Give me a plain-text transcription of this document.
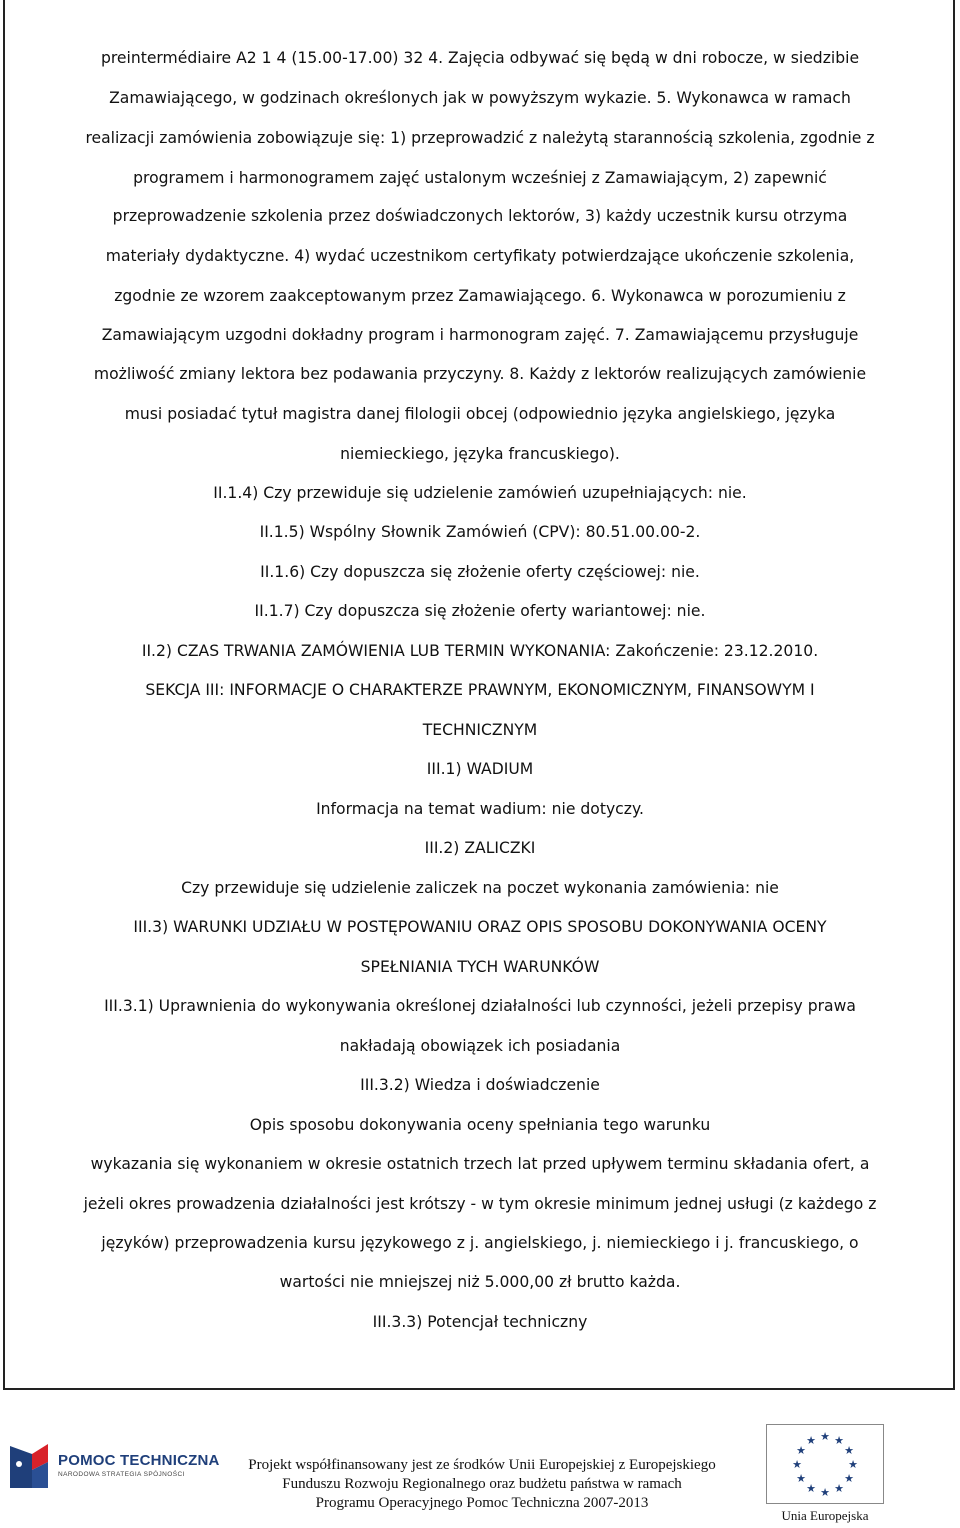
preintermédiaire A2 1 4 (15.00-17.00) 32 4. Zajęcia odbywać się będą w dni robocze, w siedzibie
Zamawiającego, w godzinach określonych jak w powyższym wykazie. 5. Wykonawca w ramach
realizacji zamówienia zobowiązuje się: 1) przeprowadzić z należytą starannością szkolenia, zgodnie z
programem i harmonogramem zajęć ustalonym wcześniej z Zamawiającym, 2) zapewnić
przeprowadzenie szkolenia przez doświadczonych lektorów, 3) każdy uczestnik kursu otrzyma
materiały dydaktyczne. 4) wydać uczestnikom certyfikaty potwierdzające ukończenie szkolenia,
zgodnie ze wzorem zaakceptowanym przez Zamawiającego. 6. Wykonawca w porozumieniu z
Zamawiającym uzgodni dokładny program i harmonogram zajęć. 7. Zamawiającemu przysługuje
możliwość zmiany lektora bez podawania przyczyny. 8. Każdy z lektorów realizujących zamówienie
musi posiadać tytuł magistra danej filologii obcej (odpowiednio języka angielskiego, języka
niemieckiego, języka francuskiego).
II.1.4) Czy przewiduje się udzielenie zamówień uzupełniających: nie.
II.1.5) Wspólny Słownik Zamówień (CPV): 80.51.00.00-2.
II.1.6) Czy dopuszcza się złożenie oferty częściowej: nie.
II.1.7) Czy dopuszcza się złożenie oferty wariantowej: nie.
II.2) CZAS TRWANIA ZAMÓWIENIA LUB TERMIN WYKONANIA: Zakończenie: 23.12.2010.
SEKCJA III: INFORMACJE O CHARAKTERZE PRAWNYM, EKONOMICZNYM, FINANSOWYM I
TECHNICZNYM
III.1) WADIUM
Informacja na temat wadium: nie dotyczy.
III.2) ZALICZKI
Czy przewiduje się udzielenie zaliczek na poczet wykonania zamówienia: nie
III.3) WARUNKI UDZIAŁU W POSTĘPOWANIU ORAZ OPIS SPOSOBU DOKONYWANIA OCENY
SPEŁNIANIA TYCH WARUNKÓW
III.3.1) Uprawnienia do wykonywania określonej działalności lub czynności, jeżeli przepisy prawa
nakładają obowiązek ich posiadania
III.3.2) Wiedza i doświadczenie
Opis sposobu dokonywania oceny spełniania tego warunku
wykazania się wykonaniem w okresie ostatnich trzech lat przed upływem terminu składania ofert, a
jeżeli okres prowadzenia działalności jest krótszy - w tym okresie minimum jednej usługi (z każdego z
języków) przeprowadzenia kursu językowego z j. angielskiego, j. niemieckiego i j. francuskiego, o
wartości nie mniejszej niż 5.000,00 zł brutto każda.
III.3.3) Potencjał techniczny
POMOC TECHNICZNA
NARODOWA STRATEGIA SPÓJNOŚCI
Projekt współfinansowany jest ze środków Unii Europejskiej z Europejskiego
Funduszu Rozwoju Regionalnego oraz budżetu państwa w ramach
Programu Operacyjnego Pomoc Techniczna 2007-2013
★ ★
★
★
★
★
★
★
★
★
★
★
Unia Europejska
